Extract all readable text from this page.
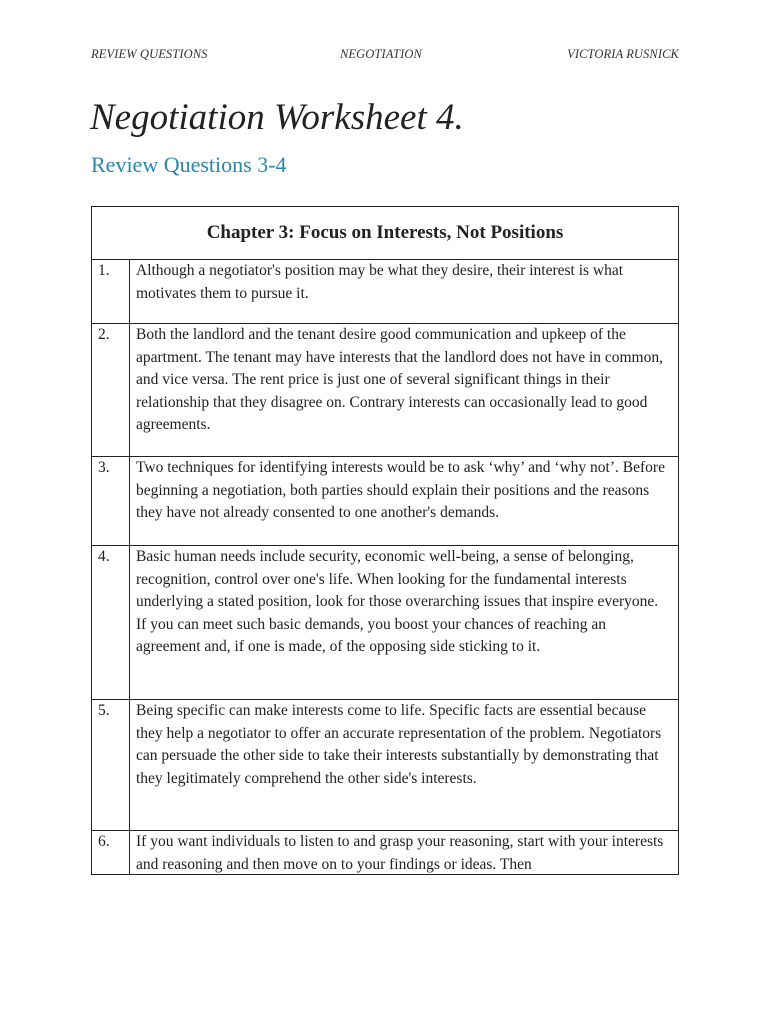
REVIEW QUESTIONS	NEGOTIATION	VICTORIA RUSNICK
Negotiation Worksheet 4.
Review Questions 3-4
Chapter 3: Focus on Interests, Not Positions	
1.	Although a negotiator's position may be what they desire, their interest is what motivates them to pursue it.
2.	Both the landlord and the tenant desire good communication and upkeep of the apartment. The tenant may have interests that the landlord does not have in common, and vice versa. The rent price is just one of several significant things in their relationship that they disagree on. Contrary interests can occasionally lead to good agreements.
3.	Two techniques for identifying interests would be to ask ‘why’ and ‘why not’. Before beginning a negotiation, both parties should explain their positions and the reasons they have not already consented to one another's demands.
4.	Basic human needs include security, economic well-being, a sense of belonging, recognition, control over one's life. When looking for the fundamental interests underlying a stated position, look for those overarching issues that inspire everyone. If you can meet such basic demands, you boost your chances of reaching an agreement and, if one is made, of the opposing side sticking to it.
5.	Being specific can make interests come to life. Specific facts are essential because they help a negotiator to offer an accurate representation of the problem. Negotiators can persuade the other side to take their interests substantially by demonstrating that they legitimately comprehend the other side's interests.
6.	If you want individuals to listen to and grasp your reasoning, start with your interests and reasoning and then move on to your findings or ideas. Then
